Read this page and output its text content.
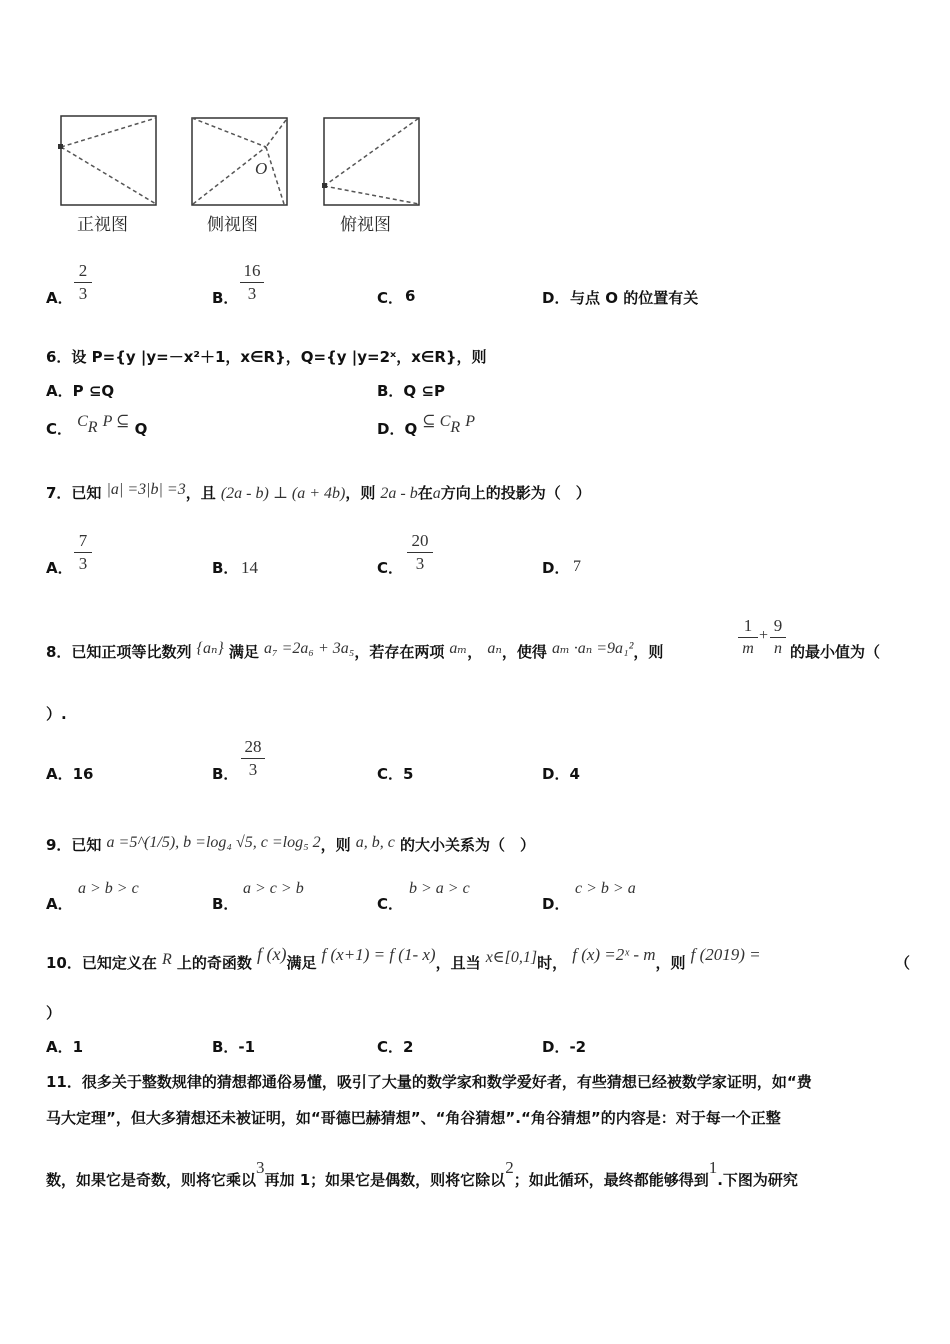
O
正视图	侧视图	俯视图
A．
2
3	B．
16
3	C． 6	D． 与点 O 的位置有关
6．设 P={y |y=－x²＋1，x∈R}，Q={y |y=2ˣ，x∈R}，则
A．P ⊆Q	B．Q ⊆P
C． $C_R$ P ⊆ Q	D．Q ⊆ $C_R$ P
7．已知 |a| =3|b| =3，且 (2a - b) ⊥ (a + 4b)，则 2a - b在a方向上的投影为（　）
A．
7
3	B． 14	C．
20
3	D． 7
8．已知正项等比数列 {aₙ} 满足 a₇ =2a₆ + 3a₅，若存在两项 aₘ， aₙ，使得 aₘ ·aₙ =9a₁²，则
1
m
+
9
n 的最小值为（
）.
A．16	B．
28
3	C．5	D．4
9．已知 a =5^(1/5), b =log₄ √5, c =log₅ 2，则 a, b, c 的大小关系为（　）
A．
a > b > c
B．
a > c > b
C．
b > a > c
D．
c > b > a
10．已知定义在 R 上的奇函数 f (x)满足 f (x+1) = f (1- x)，且当 x∈[0,1]时， f (x) =2ˣ - m，则 f (2019) =	（
）
A．1	B．-1	C．2	D．-2
11．很多关于整数规律的猜想都通俗易懂，吸引了大量的数学家和数学爱好者，有些猜想已经被数学家证明，如“费
马大定理”，但大多猜想还未被证明，如“哥德巴赫猜想”、“角谷猜想”.“角谷猜想”的内容是：对于每一个正整
数，如果它是奇数，则将它乘以3再加 1；如果它是偶数，则将它除以2；如此循环，最终都能够得到1.下图为研究
